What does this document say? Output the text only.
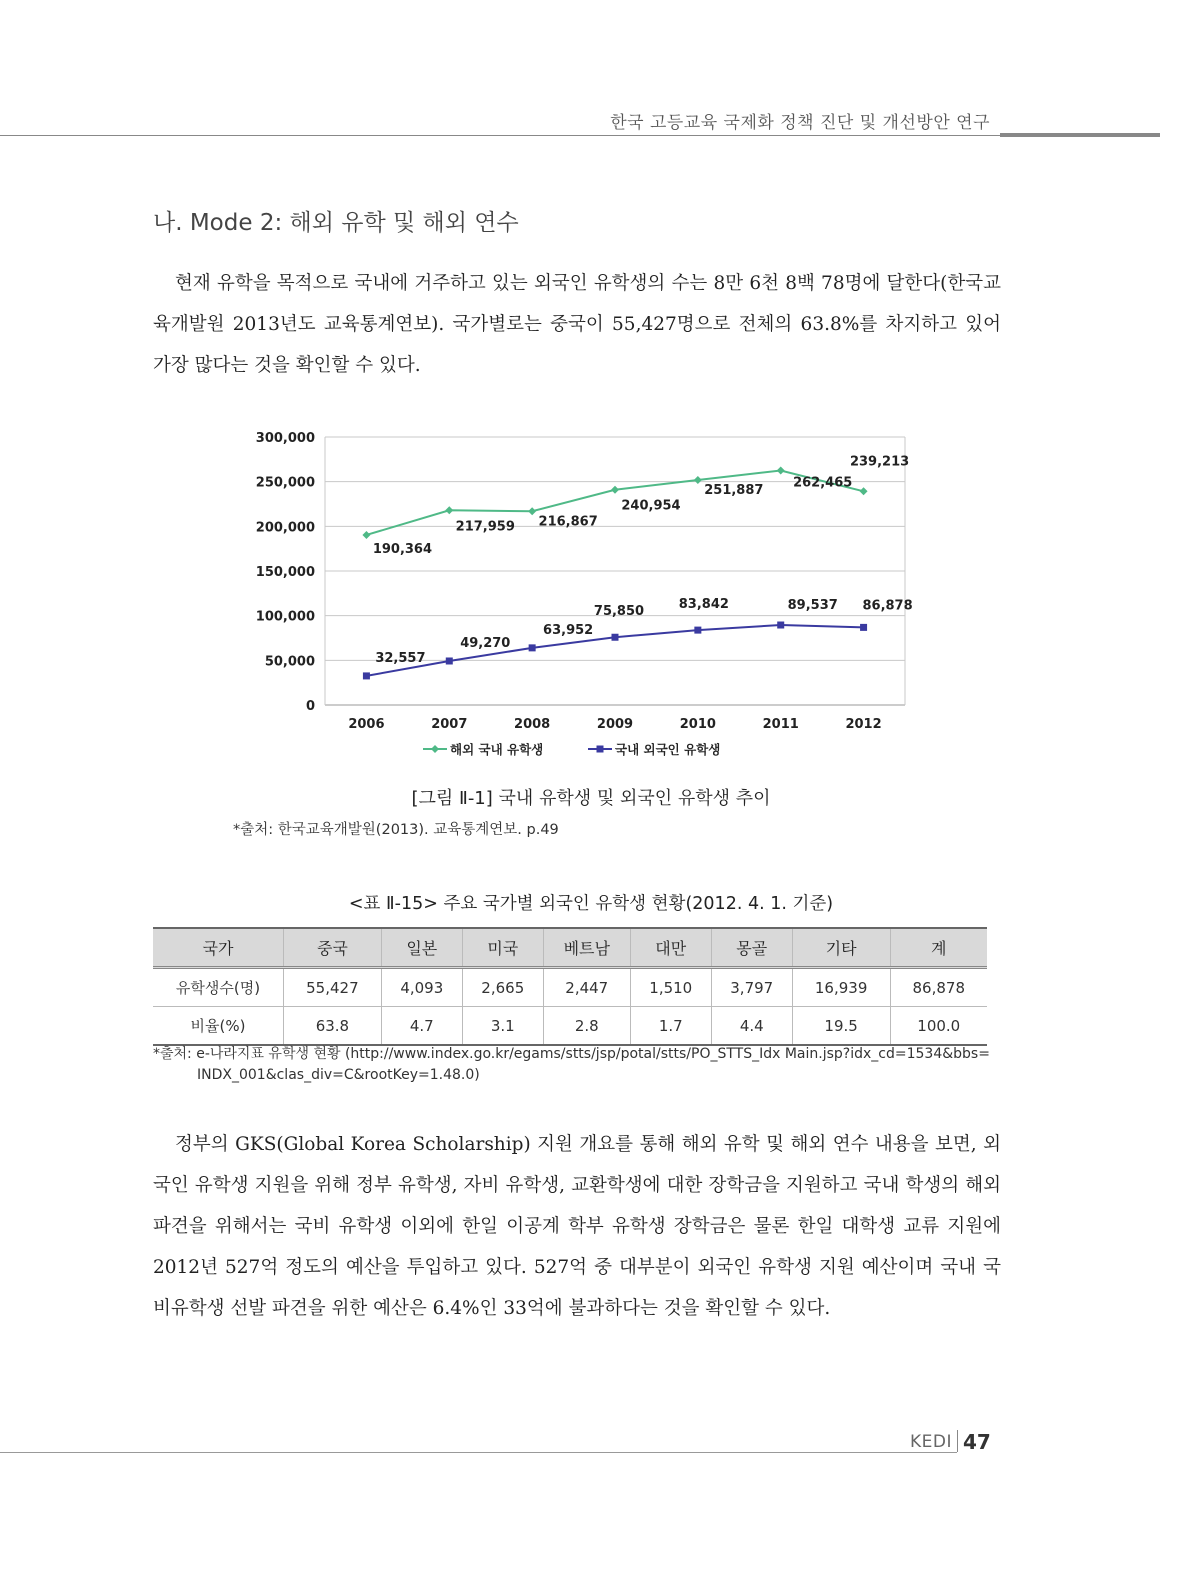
한국 고등교육 국제화 정책 진단 및 개선방안 연구
나. Mode 2: 해외 유학 및 해외 연수

현재 유학을 목적으로 국내에 거주하고 있는 외국인 유학생의 수는 8만 6천 8백 78명에 달한다(한국교육개발원 2013년도 교육통계연보). 국가별로는 중국이 55,427명으로 전체의 63.8%를 차지하고 있어 가장 많다는 것을 확인할 수 있다.

0
50,000
100,000
150,000
200,000
250,000
300,000
2006	2007	2008	2009	2010	2011	2012
190,364
217,959 216,867
240,954
251,887 262,465
239,213
32,557
49,270
63,952
75,850	83,842	89,537 86,878
해외 국내 유학생	국내 외국인 유학생
[그림 Ⅱ-1] 국내 유학생 및 외국인 유학생 추이
*출처: 한국교육개발원(2013). 교육통계연보. p.49
<표 Ⅱ-15> 주요 국가별 외국인 유학생 현황(2012. 4. 1. 기준)
국가	중국	일본	미국	베트남	대만	몽골	기타	계
유학생수(명)	55,427	4,093	2,665	2,447	1,510	3,797	16,939	86,878
비율(%)	63.8	4.7	3.1	2.8	1.7	4.4	19.5	100.0
*출처: e-나라지표 유학생 현황 (http://www.index.go.kr/egams/stts/jsp/potal/stts/PO_STTS_Idx Main.jsp?idx_cd=1534&bbs= INDX_001&clas_div=C&rootKey=1.48.0)

정부의 GKS(Global Korea Scholarship) 지원 개요를 통해 해외 유학 및 해외 연수 내용을 보면, 외국인 유학생 지원을 위해 정부 유학생, 자비 유학생, 교환학생에 대한 장학금을 지원하고 국내 학생의 해외 파견을 위해서는 국비 유학생 이외에 한일 이공계 학부 유학생 장학금은 물론 한일 대학생 교류 지원에 2012년 527억 정도의 예산을 투입하고 있다. 527억 중 대부분이 외국인 유학생 지원 예산이며 국내 국비유학생 선발 파견을 위한 예산은 6.4%인 33억에 불과하다는 것을 확인할 수 있다.

KEDI 47
